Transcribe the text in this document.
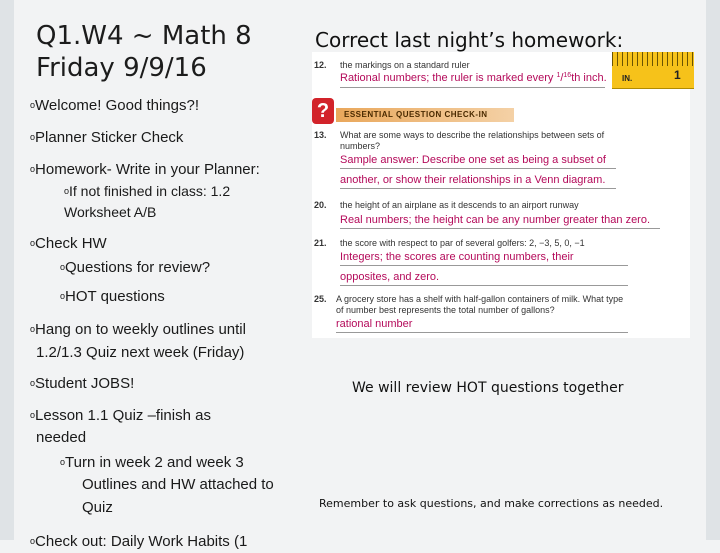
Q1.W4 ~ Math 8
Friday 9/9/16
oWelcome! Good things?!
oPlanner Sticker Check
oHomework- Write in your Planner:
oIf not finished in class: 1.2
Worksheet A/B
oCheck HW
oQuestions for review?
oHOT questions
oHang on to weekly outlines until
1.2/1.3 Quiz next week (Friday)
oStudent JOBS!
oLesson 1.1 Quiz –finish as
needed
oTurn in week 2 and week 3
Outlines and HW attached to
Quiz
oCheck out: Daily Work Habits (1
Correct last night’s homework:
IN.	1
12. the markings on a standard ruler
Rational numbers; the ruler is marked every $^1$/$^{16}$th inch.
?	ESSENTIAL QUESTION CHECK-IN
13. What are some ways to describe the relationships between sets of
numbers?
Sample answer: Describe one set as being a subset of
another, or show their relationships in a Venn diagram.
20. the height of an airplane as it descends to an airport runway
Real numbers; the height can be any number greater than zero.
21. the score with respect to par of several golfers: 2, −3, 5, 0, −1
Integers; the scores are counting numbers, their
opposites, and zero.
25. A grocery store has a shelf with half-gallon containers of milk. What type
of number best represents the total number of gallons?
rational number
We will review HOT questions together
Remember to ask questions, and make corrections as needed.
